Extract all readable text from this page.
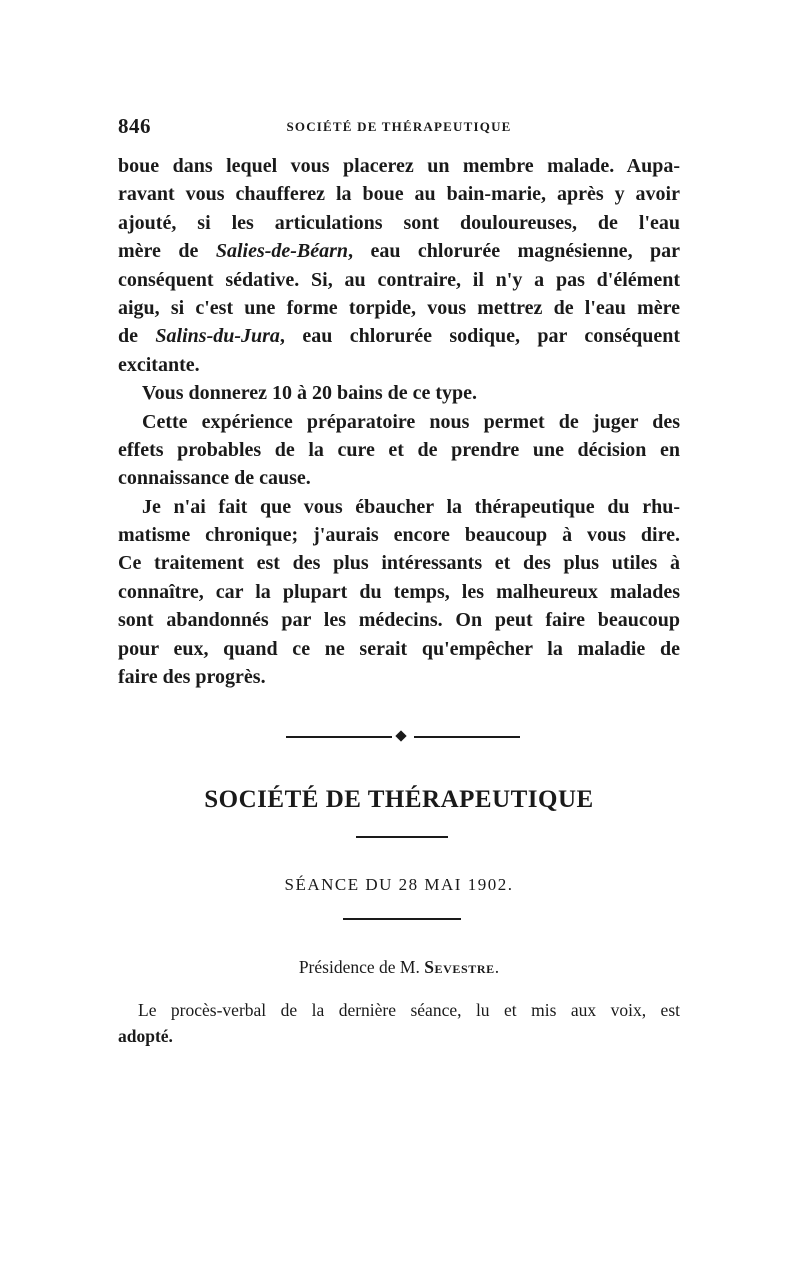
846	SOCIÉTÉ DE THÉRAPEUTIQUE
boue dans lequel vous placerez un membre malade. Aupa-
ravant vous chaufferez la boue au bain-marie, après y avoir
ajouté, si les articulations sont douloureuses, de l'eau
mère de Salies-de-Béarn, eau chlorurée magnésienne, par
conséquent sédative. Si, au contraire, il n'y a pas d'élément
aigu, si c'est une forme torpide, vous mettrez de l'eau mère
de Salins-du-Jura, eau chlorurée sodique, par conséquent
excitante.
Vous donnerez 10 à 20 bains de ce type.
Cette expérience préparatoire nous permet de juger des
effets probables de la cure et de prendre une décision en
connaissance de cause.
Je n'ai fait que vous ébaucher la thérapeutique du rhu-
matisme chronique; j'aurais encore beaucoup à vous dire.
Ce traitement est des plus intéressants et des plus utiles à
connaître, car la plupart du temps, les malheureux malades
sont abandonnés par les médecins. On peut faire beaucoup
pour eux, quand ce ne serait qu'empêcher la maladie de
faire des progrès.
SOCIÉTÉ DE THÉRAPEUTIQUE
SÉANCE DU 28 MAI 1902.
Présidence de M. Sevestre.
Le procès-verbal de la dernière séance, lu et mis aux voix, est
adopté.
